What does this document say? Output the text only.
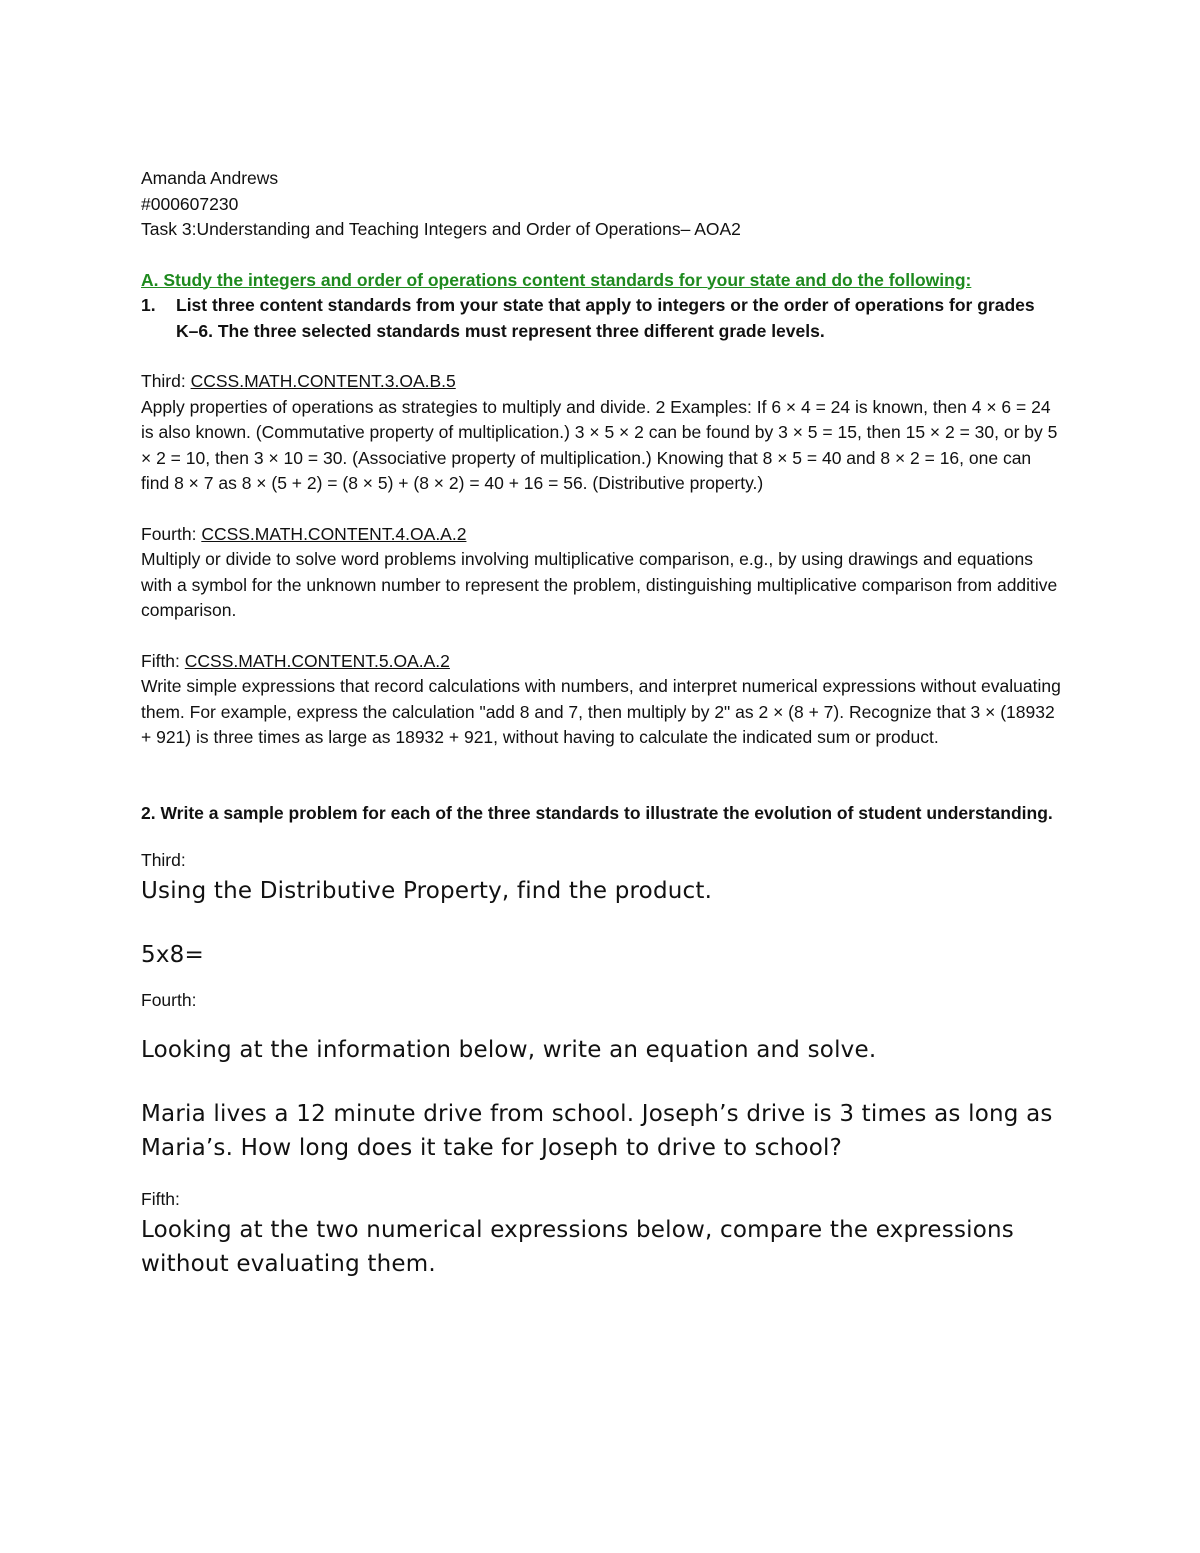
Amanda Andrews

#000607230

Task 3:Understanding and Teaching Integers and Order of Operations– AOA2

A. Study the integers and order of operations content standards for your state and do the following:

1.	List three content standards from your state that apply to integers or the order of operations for grades K–6. The three selected standards must represent three different grade levels.

Third: CCSS.MATH.CONTENT.3.OA.B.5

Apply properties of operations as strategies to multiply and divide. 2 Examples: If 6 × 4 = 24 is known, then 4 × 6 = 24 is also known. (Commutative property of multiplication.) 3 × 5 × 2 can be found by 3 × 5 = 15, then 15 × 2 = 30, or by 5 × 2 = 10, then 3 × 10 = 30. (Associative property of multiplication.) Knowing that 8 × 5 = 40 and 8 × 2 = 16, one can find 8 × 7 as 8 × (5 + 2) = (8 × 5) + (8 × 2) = 40 + 16 = 56. (Distributive property.)

Fourth: CCSS.MATH.CONTENT.4.OA.A.2

Multiply or divide to solve word problems involving multiplicative comparison, e.g., by using drawings and equations with a symbol for the unknown number to represent the problem, distinguishing multiplicative comparison from additive comparison.

Fifth: CCSS.MATH.CONTENT.5.OA.A.2

Write simple expressions that record calculations with numbers, and interpret numerical expressions without evaluating them. For example, express the calculation "add 8 and 7, then multiply by 2" as 2 × (8 + 7). Recognize that 3 × (18932 + 921) is three times as large as 18932 + 921, without having to calculate the indicated sum or product.

2. Write a sample problem for each of the three standards to illustrate the evolution of student understanding.

Third:

Using the Distributive Property, find the product.

5x8=

Fourth:

Looking at the information below, write an equation and solve.

Maria lives a 12 minute drive from school. Joseph’s drive is 3 times as long as Maria’s. How long does it take for Joseph to drive to school?

Fifth:

Looking at the two numerical expressions below, compare the expressions without evaluating them.
